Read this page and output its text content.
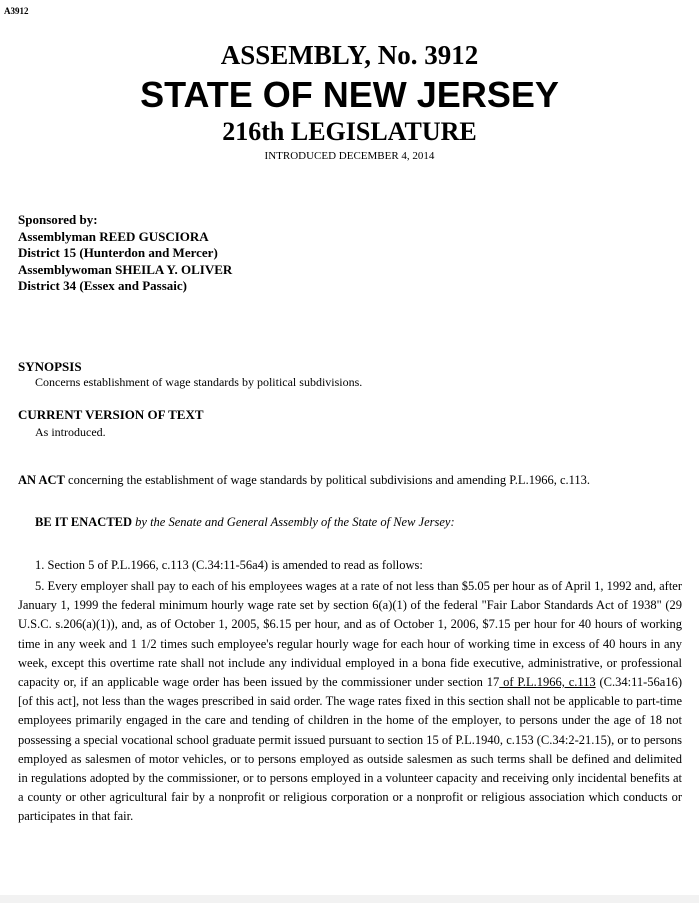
A3912
ASSEMBLY, No. 3912
STATE OF NEW JERSEY
216th LEGISLATURE
INTRODUCED DECEMBER 4, 2014
Sponsored by:
Assemblyman REED GUSCIORA
District 15 (Hunterdon and Mercer)
Assemblywoman SHEILA Y. OLIVER
District 34 (Essex and Passaic)
SYNOPSIS
Concerns establishment of wage standards by political subdivisions.
CURRENT VERSION OF TEXT
As introduced.
AN ACT concerning the establishment of wage standards by political subdivisions and amending P.L.1966, c.113.
BE IT ENACTED by the Senate and General Assembly of the State of New Jersey:
1. Section 5 of P.L.1966, c.113 (C.34:11-56a4) is amended to read as follows:
5. Every employer shall pay to each of his employees wages at a rate of not less than $5.05 per hour as of April 1, 1992 and, after January 1, 1999 the federal minimum hourly wage rate set by section 6(a)(1) of the federal "Fair Labor Standards Act of 1938" (29 U.S.C. s.206(a)(1)), and, as of October 1, 2005, $6.15 per hour, and as of October 1, 2006, $7.15 per hour for 40 hours of working time in any week and 1 1/2 times such employee's regular hourly wage for each hour of working time in excess of 40 hours in any week, except this overtime rate shall not include any individual employed in a bona fide executive, administrative, or professional capacity or, if an applicable wage order has been issued by the commissioner under section 17 of P.L.1966, c.113 (C.34:11-56a16) [of this act], not less than the wages prescribed in said order. The wage rates fixed in this section shall not be applicable to part-time employees primarily engaged in the care and tending of children in the home of the employer, to persons under the age of 18 not possessing a special vocational school graduate permit issued pursuant to section 15 of P.L.1940, c.153 (C.34:2-21.15), or to persons employed as salesmen of motor vehicles, or to persons employed as outside salesmen as such terms shall be defined and delimited in regulations adopted by the commissioner, or to persons employed in a volunteer capacity and receiving only incidental benefits at a county or other agricultural fair by a nonprofit or religious corporation or a nonprofit or religious association which conducts or participates in that fair.
